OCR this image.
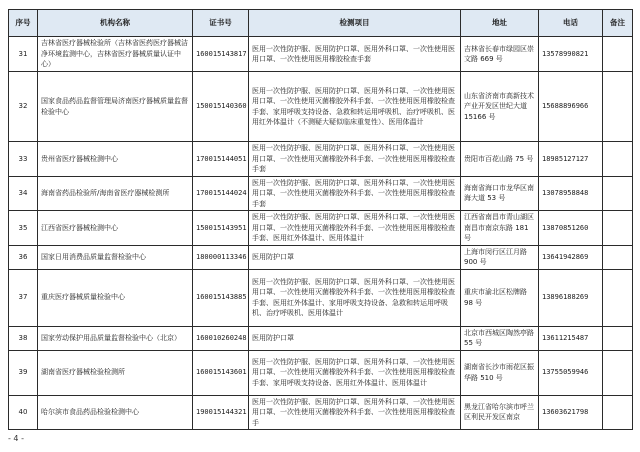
序号	机构名称	证书号	检测项目	地址	电话	备注
31	吉林省医疗器械检验所（吉林省医药医疗器械洁净环境监测中心，吉林省医疗器械质量认证中心）	160015143817	医用一次性防护服、医用防护口罩、医用外科口罩、一次性使用医用口罩、一次性使用医用橡胶检查手套	吉林省长春市绿园区崇文路 669 号	13578990821	
32	国家食品药品监督管理局济南医疗器械质量监督检验中心	150015140360	医用一次性防护服、医用防护口罩、医用外科口罩、一次性使用医用口罩、一次性使用灭菌橡胶外科手套、一次性使用医用橡胶检查手套、家用呼吸支持设备、急救和转运用呼吸机、治疗呼吸机、医用红外体温计（不测疑大疑似临床重复性）、医用体温计	山东省济南市高新技术产业开发区世纪大道 15166 号	15688896966	
33	贵州省医疗器械检测中心	170015144051	医用一次性防护服、医用防护口罩、医用外科口罩、一次性使用医用口罩、一次性使用灭菌橡胶外科手套、一次性使用医用橡胶检查手套	贵阳市百花山路 75 号	18985127127	
34	海南省药品检验所/海南省医疗器械检测所	170015144024	医用一次性防护服、医用防护口罩、医用外科口罩、一次性使用医用口罩、一次性使用灭菌橡胶外科手套、一次性使用医用橡胶检查手套	海南省海口市龙华区南海大道 53 号	13078958848	
35	江西省医疗器械检测中心	150015143951	医用一次性防护服、医用防护口罩、医用外科口罩、一次性使用医用口罩、一次性使用灭菌橡胶外科手套、一次性使用医用橡胶检查手套、医用红外体温计、医用体温计	江西省南昌市青山湖区南昌市南京东路 181 号	13870851260	
36	国家日用消费品质量监督检验中心	180000113346	医用防护口罩	上海市闵行区江月路 900 号	13641942869	
37	重庆医疗器械质量检验中心	160015143885	医用一次性防护服、医用防护口罩、医用外科口罩、一次性使用医用口罩、一次性使用灭菌橡胶外科手套、一次性使用医用橡胶检查手套、医用红外体温计、家用呼吸支持设备、急救和转运用呼吸机、治疗呼吸机、医用体温计	重庆市渝北区松牌路 98 号	13896188269	
38	国家劳动保护用品质量监督检验中心（北京）	160010260248	医用防护口罩	北京市西城区陶然亭路 55 号	13611215487	
39	湖南省医疗器械检验检测所	160015143601	医用一次性防护服、医用防护口罩、医用外科口罩、一次性使用医用口罩、一次性使用灭菌橡胶外科手套、一次性使用医用橡胶检查手套、家用呼吸支持设备、医用红外体温计、医用体温计	湖南省长沙市雨花区振华路 510 号	13755059946	
40	哈尔滨市食品药品检验检测中心	190015144321	医用一次性防护服、医用防护口罩、医用外科口罩、一次性使用医用口罩、一次性使用灭菌橡胶外科手套、一次性使用医用橡胶检查手	黑龙江省哈尔滨市呼兰区利民开发区南京	13603621798	
- 4 -
